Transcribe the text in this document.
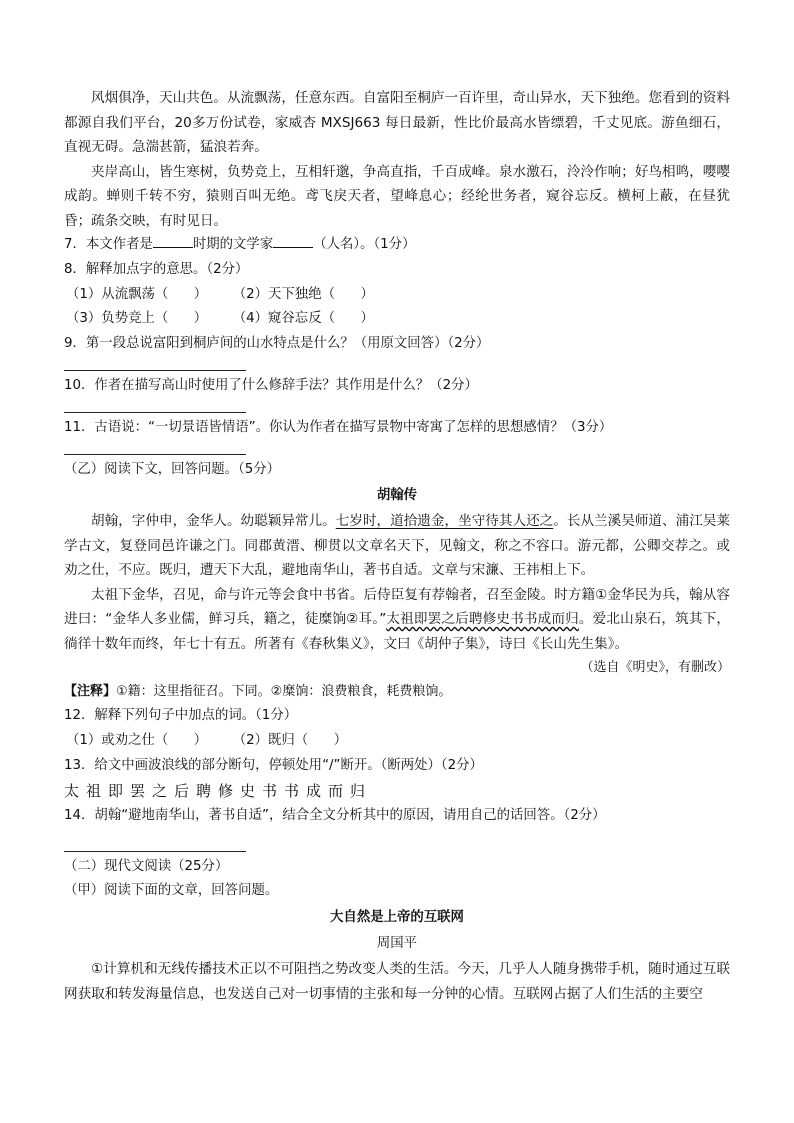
风烟俱净，天山共色。从流飘荡，任意东西。自富阳至桐庐一百许里，奇山异水，天下独绝。您看到的资料都源自我们平台，20多万份试卷，家威杏 MXSJ663 每日最新，性比价最高水皆缥碧，千丈见底。游鱼细石，直视无碍。急湍甚箭，猛浪若奔。

夹岸高山，皆生寒树，负势竞上，互相轩邈，争高直指，千百成峰。泉水激石，泠泠作响；好鸟相鸣，嘤嘤成韵。蝉则千转不穷，猿则百叫无绝。鸢飞戾天者，望峰息心；经纶世务者，窥谷忘反。横柯上蔽，在昼犹昏；疏条交映，有时见日。

7．本文作者是	时期的文学家	（人名）。（1分）

8．解释加点字的意思。（2分）

（1）从流飘荡（      ）      （2）天下独绝（      ）

（3）负势竞上（      ）      （4）窥谷忘反（      ）

9．第一段总说富阳到桐庐间的山水特点是什么？（用原文回答）（2分）

10．作者在描写高山时使用了什么修辞手法？其作用是什么？（2分）

11．古语说：“一切景语皆情语”。你认为作者在描写景物中寄寓了怎样的思想感情？（3分）

（乙）阅读下文，回答问题。（5分）

胡翰传

胡翰，字仲申，金华人。幼聪颖异常儿。七岁时，道拾遗金，坐守待其人还之。长从兰溪吴师道、浦江吴莱学古文，复登同邑许谦之门。同郡黄溍、柳贯以文章名天下，见翰文，称之不容口。游元都，公卿交荐之。或劝之仕，不应。既归，遭天下大乱，避地南华山，著书自适。文章与宋濂、王祎相上下。

太祖下金华，召见，命与许元等会食中书省。后侍臣复有荐翰者，召至金陵。时方籍①金华民为兵，翰从容进曰：“金华人多业儒，鲜习兵，籍之，徒糜饷②耳。”太祖即罢之后聘修史书书成而归。爱北山泉石，筑其下，徜徉十数年而终，年七十有五。所著有《春秋集义》，文曰《胡仲子集》，诗曰《长山先生集》。

（选自《明史》，有删改）

【注释】①籍：这里指征召。下同。②糜饷：浪费粮食，耗费粮饷。

12．解释下列句子中加点的词。（1分）

（1）或劝之仕（      ）      （2）既归（      ）

13．给文中画波浪线的部分断句，停顿处用“/”断开。（断两处）（2分）

太祖即罢之后聘修史书书成而归

14．胡翰“避地南华山，著书自适”，结合全文分析其中的原因，请用自己的话回答。（2分）

（二）现代文阅读（25分）

（甲）阅读下面的文章，回答问题。

大自然是上帝的互联网

周国平

①计算机和无线传播技术正以不可阻挡之势改变人类的生活。今天，几乎人人随身携带手机，随时通过互联网获取和转发海量信息，也发送自己对一切事情的主张和每一分钟的心情。互联网占据了人们生活的主要空
